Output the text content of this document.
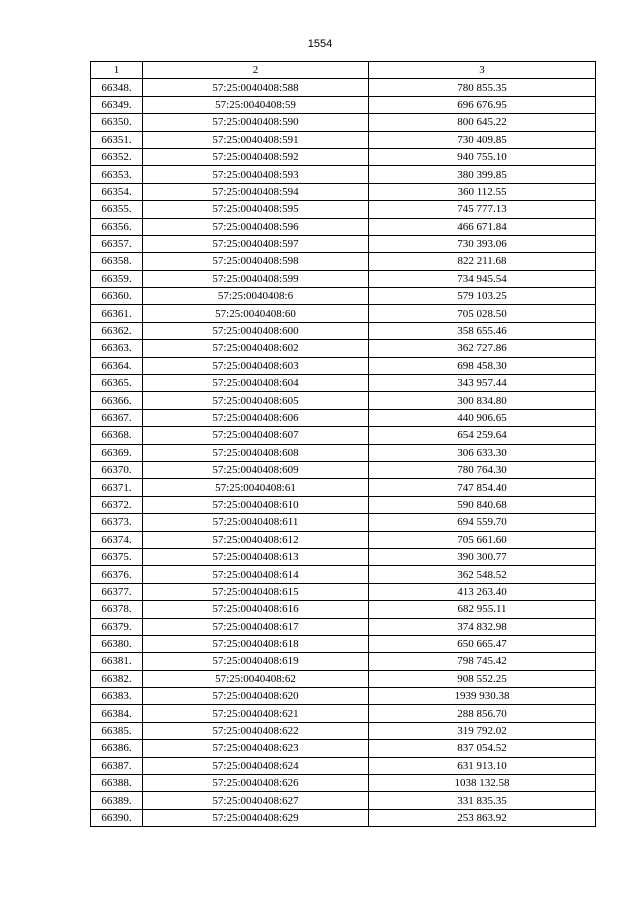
1554
1	2	3
66348.	57:25:0040408:588	780 855.35
66349.	57:25:0040408:59	696 676.95
66350.	57:25:0040408:590	800 645.22
66351.	57:25:0040408:591	730 409.85
66352.	57:25:0040408:592	940 755.10
66353.	57:25:0040408:593	380 399.85
66354.	57:25:0040408:594	360 112.55
66355.	57:25:0040408:595	745 777.13
66356.	57:25:0040408:596	466 671.84
66357.	57:25:0040408:597	730 393.06
66358.	57:25:0040408:598	822 211.68
66359.	57:25:0040408:599	734 945.54
66360.	57:25:0040408:6	579 103.25
66361.	57:25:0040408:60	705 028.50
66362.	57:25:0040408:600	358 655.46
66363.	57:25:0040408:602	362 727.86
66364.	57:25:0040408:603	698 458.30
66365.	57:25:0040408:604	343 957.44
66366.	57:25:0040408:605	300 834.80
66367.	57:25:0040408:606	440 906.65
66368.	57:25:0040408:607	654 259.64
66369.	57:25:0040408:608	306 633.30
66370.	57:25:0040408:609	780 764.30
66371.	57:25:0040408:61	747 854.40
66372.	57:25:0040408:610	590 840.68
66373.	57:25:0040408:611	694 559.70
66374.	57:25:0040408:612	705 661.60
66375.	57:25:0040408:613	390 300.77
66376.	57:25:0040408:614	362 548.52
66377.	57:25:0040408:615	413 263.40
66378.	57:25:0040408:616	682 955.11
66379.	57:25:0040408:617	374 832.98
66380.	57:25:0040408:618	650 665.47
66381.	57:25:0040408:619	798 745.42
66382.	57:25:0040408:62	908 552.25
66383.	57:25:0040408:620	1939 930.38
66384.	57:25:0040408:621	288 856.70
66385.	57:25:0040408:622	319 792.02
66386.	57:25:0040408:623	837 054.52
66387.	57:25:0040408:624	631 913.10
66388.	57:25:0040408:626	1038 132.58
66389.	57:25:0040408:627	331 835.35
66390.	57:25:0040408:629	253 863.92
